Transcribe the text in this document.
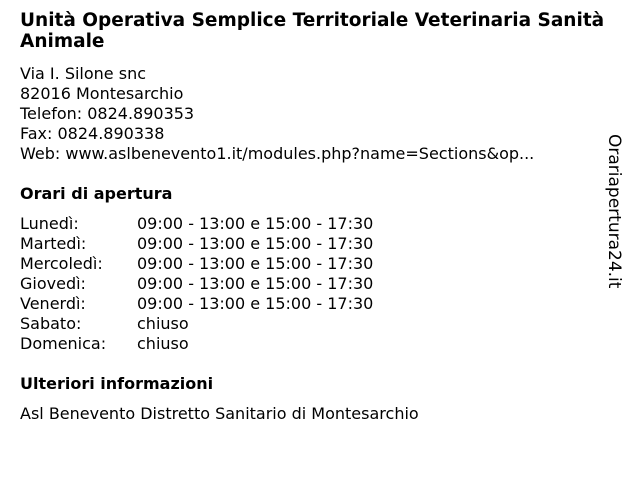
Unità Operativa Semplice Territoriale Veterinaria Sanità Animale
Via I. Silone snc
82016 Montesarchio
Telefon: 0824.890353
Fax: 0824.890338
Web: www.aslbenevento1.it/modules.php?name=Sections&op...
Orari di apertura
Lunedì:	09:00 - 13:00 e 15:00 - 17:30
Martedì:	09:00 - 13:00 e 15:00 - 17:30
Mercoledì:	09:00 - 13:00 e 15:00 - 17:30
Giovedì:	09:00 - 13:00 e 15:00 - 17:30
Venerdì:	09:00 - 13:00 e 15:00 - 17:30
Sabato:	chiuso
Domenica:	chiuso
Ulteriori informazioni
Asl Benevento Distretto Sanitario di Montesarchio
Orariapertura24.it
